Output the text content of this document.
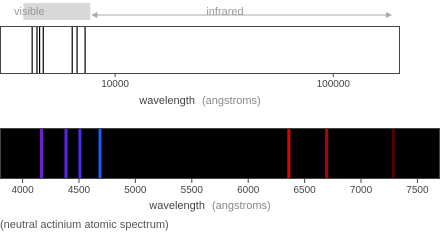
visible	infrared
10000	100000
wavelength (angstroms)
4000	4500	5000	5500	6000	6500	7000	7500
wavelength (angstroms)
(neutral actinium atomic spectrum)
